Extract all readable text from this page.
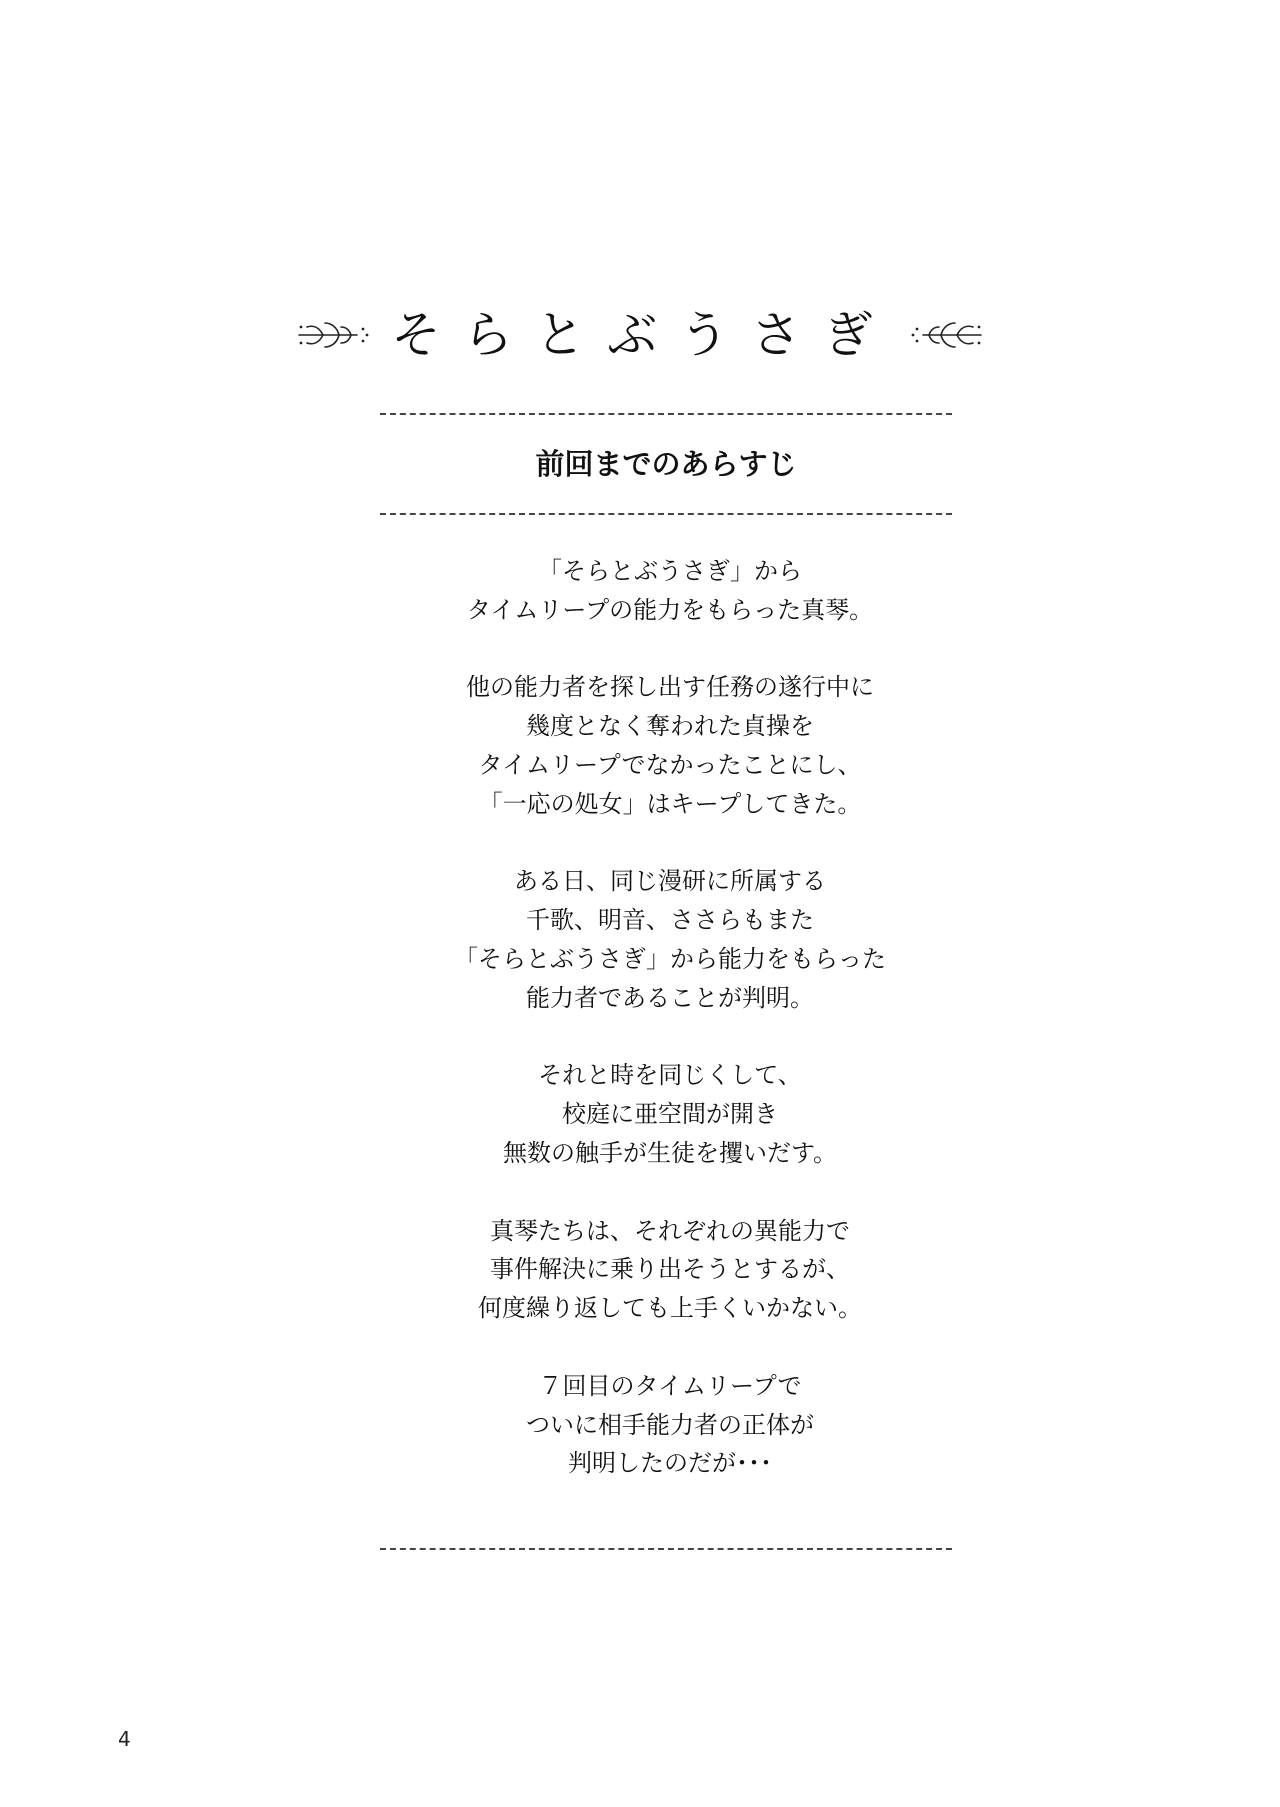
そらとぶうさぎ
前回までのあらすじ

「そらとぶうさぎ」から
タイムリープの能力をもらった真琴。

他の能力者を探し出す任務の遂行中に
幾度となく奪われた貞操を
タイムリープでなかったことにし、
「一応の処女」はキープしてきた。

ある日、同じ漫研に所属する
千歌、明音、ささらもまた
「そらとぶうさぎ」から能力をもらった
能力者であることが判明。

それと時を同じくして、
校庭に亜空間が開き
無数の触手が生徒を攫いだす。

真琴たちは、それぞれの異能力で
事件解決に乗り出そうとするが、
何度繰り返しても上手くいかない。

７回目のタイムリープで
ついに相手能力者の正体が
判明したのだが･･･

4
